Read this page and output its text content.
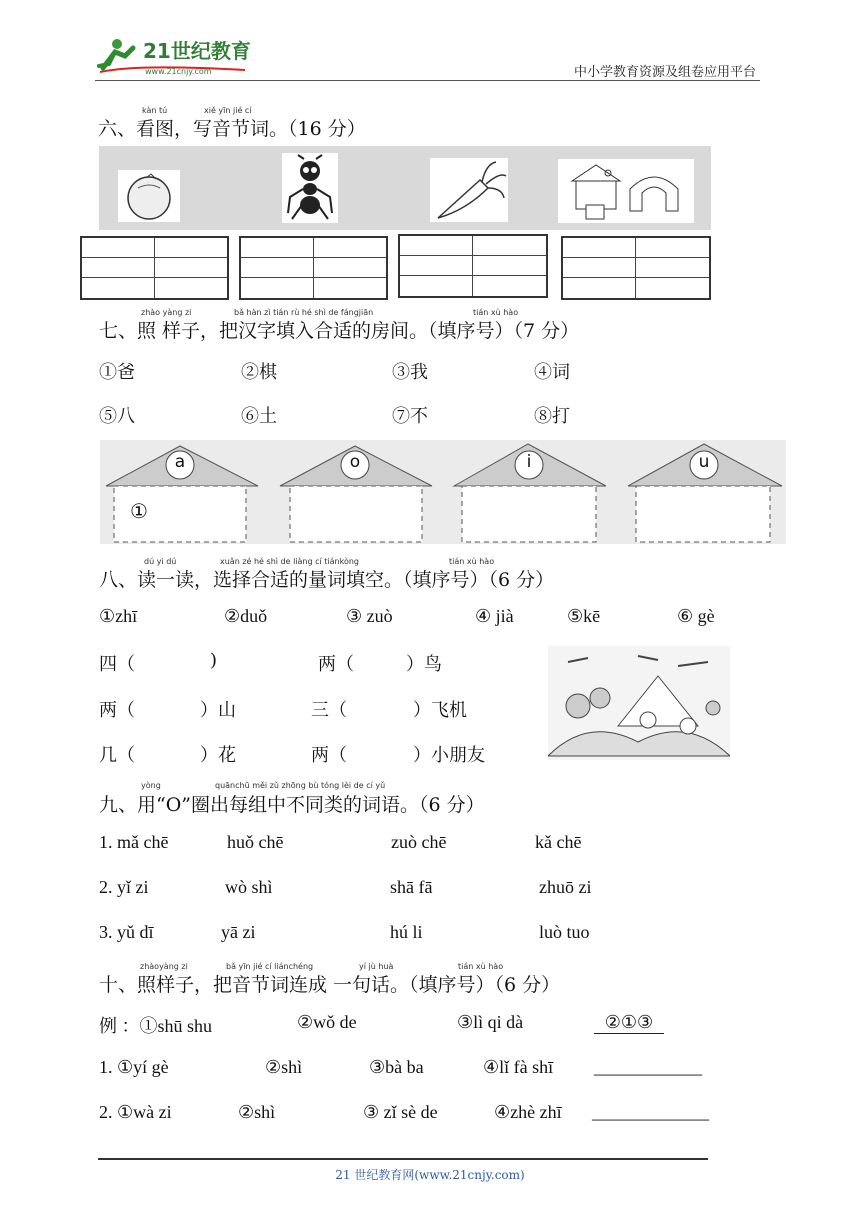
21世纪教育
www.21cnjy.com	中小学教育资源及组卷应用平台
kàn tú	xiě yīn jié cí
六、看图，写音节词。（16 分）
zhào yàng zi	bǎ hàn zì tián rù hé shì de fángjiān	tián xù hào
七、照 样子，把汉字填入合适的房间。（填序号）（7 分）
①爸	②棋	③我	④词
⑤八	⑥土	⑦不	⑧打
a	o	i	u
①
dú yi dú	xuǎn zé hé shì de liàng cí tiánkòng	tián xù hào
八、读一读，选择合适的量词填空。（填序号）（6 分）
①zhī	②duǒ	③ zuò	④ jià	⑤kē	⑥ gè
四（	)	两（	）鸟
两（	）山	三（	）飞机
几（	）花	两（	）小朋友
yòng	quānchū měi zǔ zhōng bù tóng lèi de cí yǔ
九、用“O”圈出每组中不同类的词语。（6 分）
1. mǎ chē	huǒ chē	zuò chē	kǎ chē
2. yǐ zi	wò shì	shā fā	zhuō zi
3. yǔ dī	yā zi	hú li	luò tuo
zhàoyàng zi	bǎ yīn jié cí liánchéng	yí jù huà	tián xù hào
十、照样子，把音节词连成 一句话。（填序号）（6 分）
例 ：①shū shu	②wǒ de	③lì qi dà	②①③
1. ①yí gè	②shì	③bà ba	④lǐ fà shī ____________
2. ①wà zi	②shì	③ zǐ sè de	④zhè zhī _____________
21 世纪教育网(www.21cnjy.com)
